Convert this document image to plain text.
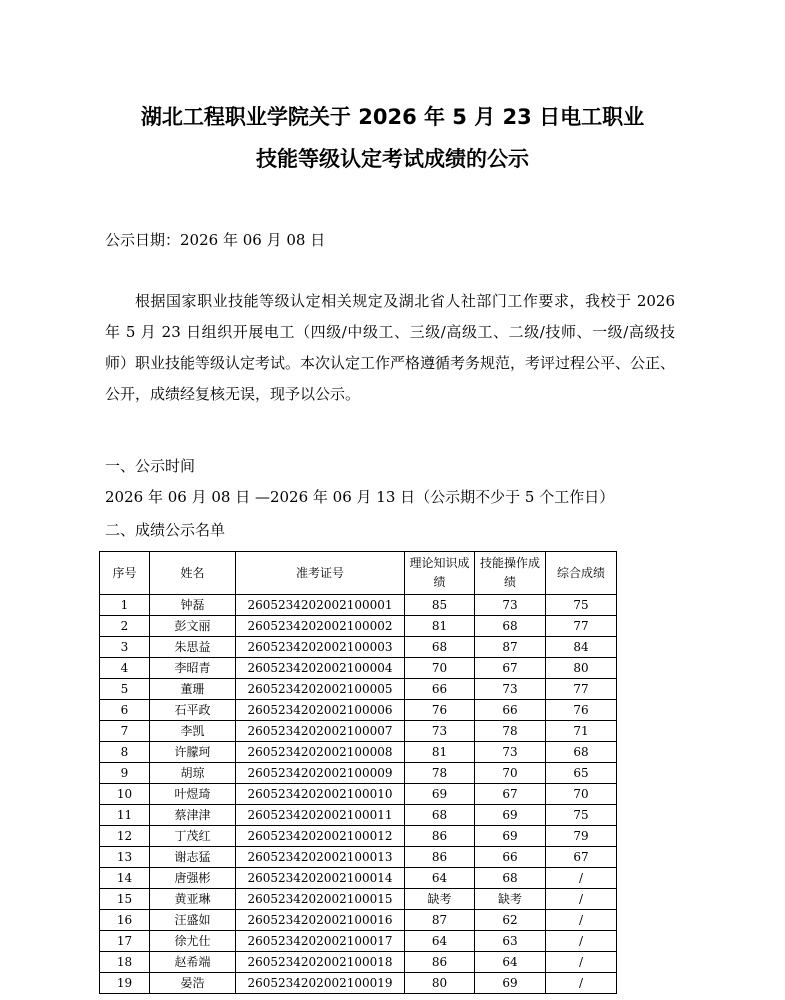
湖北工程职业学院关于 2026 年 5 月 23 日电工职业
技能等级认定考试成绩的公示
公示日期：2026 年 06 月 08 日
根据国家职业技能等级认定相关规定及湖北省人社部门工作要求，我校于 2026 年 5 月 23 日组织开展电工（四级/中级工、三级/高级工、二级/技师、一级/高级技师）职业技能等级认定考试。本次认定工作严格遵循考务规范，考评过程公平、公正、公开，成绩经复核无误，现予以公示。
一、公示时间
2026 年 06 月 08 日 —2026 年 06 月 13 日（公示期不少于 5 个工作日）
二、成绩公示名单
序号	姓名	准考证号	理论知识成绩	技能操作成绩	综合成绩
1	钟磊	2605234202002100001	85	73	75
2	彭文丽	2605234202002100002	81	68	77
3	朱思益	2605234202002100003	68	87	84
4	李昭青	2605234202002100004	70	67	80
5	董珊	2605234202002100005	66	73	77
6	石平政	2605234202002100006	76	66	76
7	李凯	2605234202002100007	73	78	71
8	许朦珂	2605234202002100008	81	73	68
9	胡琼	2605234202002100009	78	70	65
10	叶煜琦	2605234202002100010	69	67	70
11	蔡津津	2605234202002100011	68	69	75
12	丁茂红	2605234202002100012	86	69	79
13	谢志猛	2605234202002100013	86	66	67
14	唐强彬	2605234202002100014	64	68	/
15	黄亚琳	2605234202002100015	缺考	缺考	/
16	汪盛如	2605234202002100016	87	62	/
17	徐尤仕	2605234202002100017	64	63	/
18	赵希端	2605234202002100018	86	64	/
19	晏浩	2605234202002100019	80	69	/
